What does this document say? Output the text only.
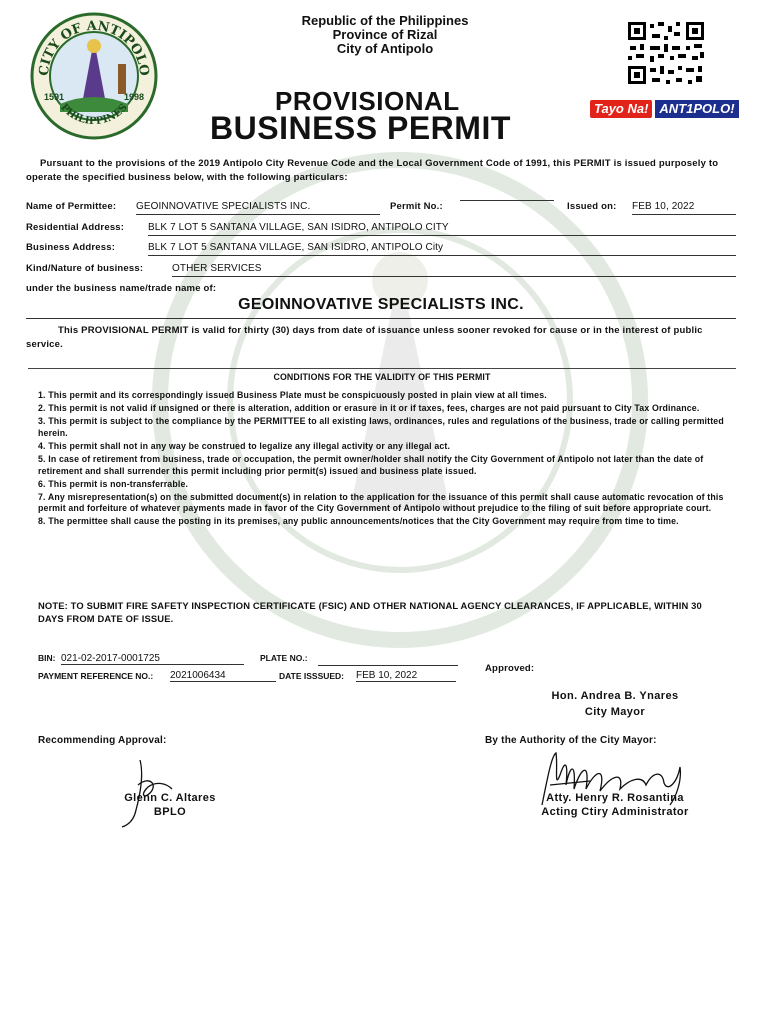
CITY OF ANTIPOLO
PHILIPPINES
1591	1998
Republic of the Philippines
Province of Rizal
City of Antipolo
PROVISIONAL
BUSINESS PERMIT
Tayo Na! ANT1POLO!
Pursuant to the provisions of the 2019 Antipolo City Revenue Code and the Local Government Code of 1991, this PERMIT is issued purposely to operate the specified business below, with the following particulars:
Name of Permittee: GEOINNOVATIVE SPECIALISTS INC.	Permit No.:	Issued on: FEB 10, 2022
Residential Address: BLK 7 LOT 5 SANTANA VILLAGE, SAN ISIDRO, ANTIPOLO CITY
Business Address:	BLK 7 LOT 5 SANTANA VILLAGE, SAN ISIDRO, ANTIPOLO City
Kind/Nature of business:	OTHER SERVICES
under the business name/trade name of:
GEOINNOVATIVE SPECIALISTS INC.
This PROVISIONAL PERMIT is valid for thirty (30) days from date of issuance unless sooner revoked for cause or in the interest of public service.
CONDITIONS FOR THE VALIDITY OF THIS PERMIT
1. This permit and its correspondingly issued Business Plate must be conspicuously posted in plain view at all times.
2. This permit is not valid if unsigned or there is alteration, addition or erasure in it or if taxes, fees, charges are not paid pursuant to City Tax Ordinance.
3. This permit is subject to the compliance by the PERMITTEE to all existing laws, ordinances, rules and regulations of the business, trade or calling permitted herein.
4. This permit shall not in any way be construed to legalize any illegal activity or any illegal act.
5. In case of retirement from business, trade or occupation, the permit owner/holder shall notify the City Government of Antipolo not later than the date of retirement and shall surrender this permit including prior permit(s) issued and business plate issued.
6. This permit is non-transferrable.
7. Any misrepresentation(s) on the submitted document(s) in relation to the application for the issuance of this permit shall cause automatic revocation of this permit and forfeiture of whatever payments made in favor of the City Government of Antipolo without prejudice to the filing of suit before appropriate court.
8. The permittee shall cause the posting in its premises, any public announcements/notices that the City Government may require from time to time.
NOTE: TO SUBMIT FIRE SAFETY INSPECTION CERTIFICATE (FSIC) AND OTHER NATIONAL AGENCY CLEARANCES, IF APPLICABLE, WITHIN 30 DAYS FROM DATE OF ISSUE.
BIN: 021-02-2017-0001725	PLATE NO.:
PAYMENT REFERENCE NO.: 2021006434	DATE ISSSUED: FEB 10, 2022
Approved:
Hon. Andrea B. Ynares
City Mayor
Recommending Approval:	By the Authority of the City Mayor:
Glenn C. Altares
BPLO
Atty. Henry R. Rosantina
Acting Ctiry Administrator
